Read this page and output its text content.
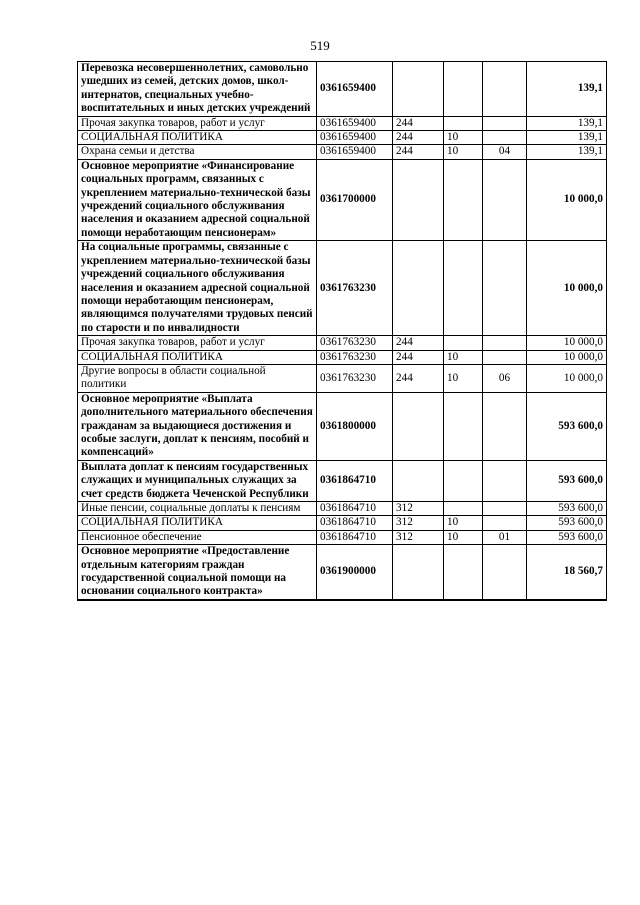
519
Перевозка несовершеннолетних, самовольно ушедших из семей, детских домов, школ-интернатов, специальных учебно-воспитательных и иных детских учреждений	0361659400				139,1
Прочая закупка товаров, работ и услуг	0361659400	244			139,1
СОЦИАЛЬНАЯ ПОЛИТИКА	0361659400	244	10		139,1
Охрана семьи и детства	0361659400	244	10	04	139,1
Основное мероприятие «Финансирование социальных программ, связанных с укреплением материально-технической базы учреждений социального обслуживания населения и оказанием адресной социальной помощи неработающим пенсионерам»	0361700000				10 000,0
На социальные программы, связанные с укреплением материально-технической базы учреждений социального обслуживания населения и оказанием адресной социальной помощи неработающим пенсионерам, являющимся получателями трудовых пенсий по старости и по инвалидности	0361763230				10 000,0
Прочая закупка товаров, работ и услуг	0361763230	244			10 000,0
СОЦИАЛЬНАЯ ПОЛИТИКА	0361763230	244	10		10 000,0
Другие вопросы в области социальной политики	0361763230	244	10	06	10 000,0
Основное мероприятие «Выплата дополнительного материального обеспечения гражданам за выдающиеся достижения и особые заслуги, доплат к пенсиям, пособий и компенсаций»	0361800000				593 600,0
Выплата доплат к пенсиям государственных служащих и муниципальных служащих за счет средств бюджета Чеченской Республики	0361864710				593 600,0
Иные пенсии, социальные доплаты к пенсиям	0361864710	312			593 600,0
СОЦИАЛЬНАЯ ПОЛИТИКА	0361864710	312	10		593 600,0
Пенсионное обеспечение	0361864710	312	10	01	593 600,0
Основное мероприятие «Предоставление отдельным категориям граждан государственной социальной помощи на основании социального контракта»	0361900000				18 560,7
